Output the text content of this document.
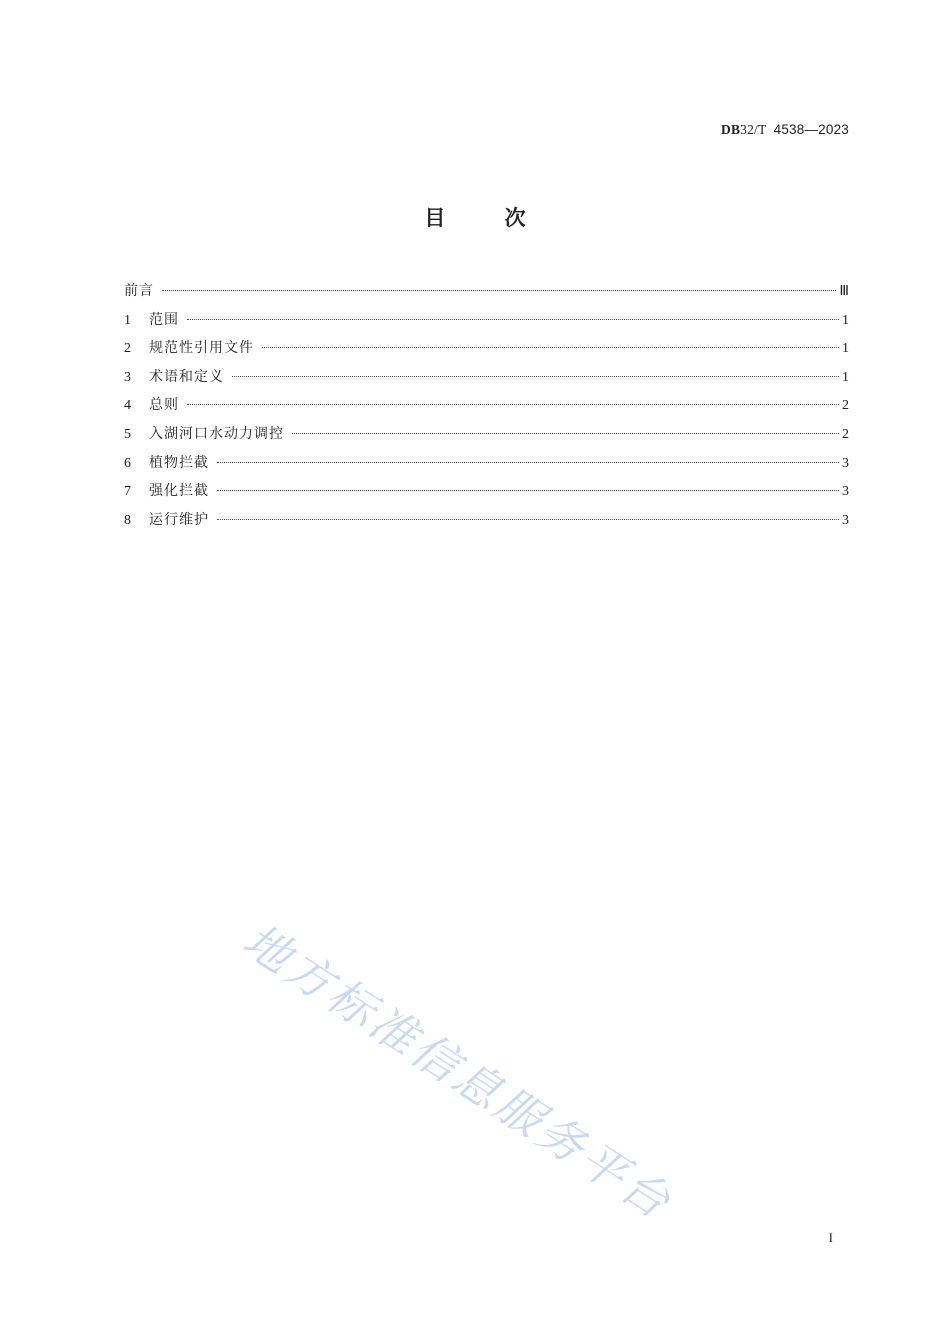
DB32/T 4538—2023
目 次
前言	Ⅲ
1	范围	1
2	规范性引用文件	1
3	术语和定义	1
4	总则	2
5	入湖河口水动力调控	2
6	植物拦截	3
7	强化拦截	3
8	运行维护	3
地方标准信息服务平台
I
